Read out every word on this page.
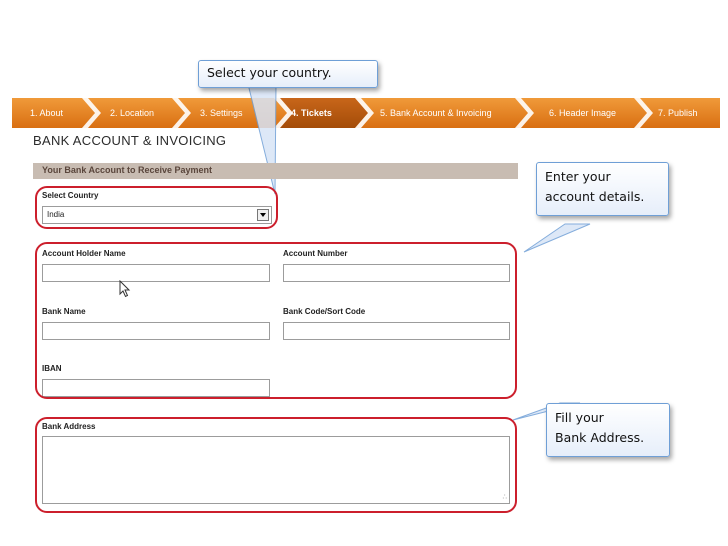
1. About	2. Location	3. Settings	4. Tickets	5. Bank Account & Invoicing	6. Header Image	7. Publish
Select your country.
BANK ACCOUNT & INVOICING
Your Bank Account to Receive Payment
Select Country
India
Account Holder Name	Account Number
Bank Name	Bank Code/Sort Code
IBAN
Bank Address
∴
Enter your
account details.
Fill your
Bank Address.
